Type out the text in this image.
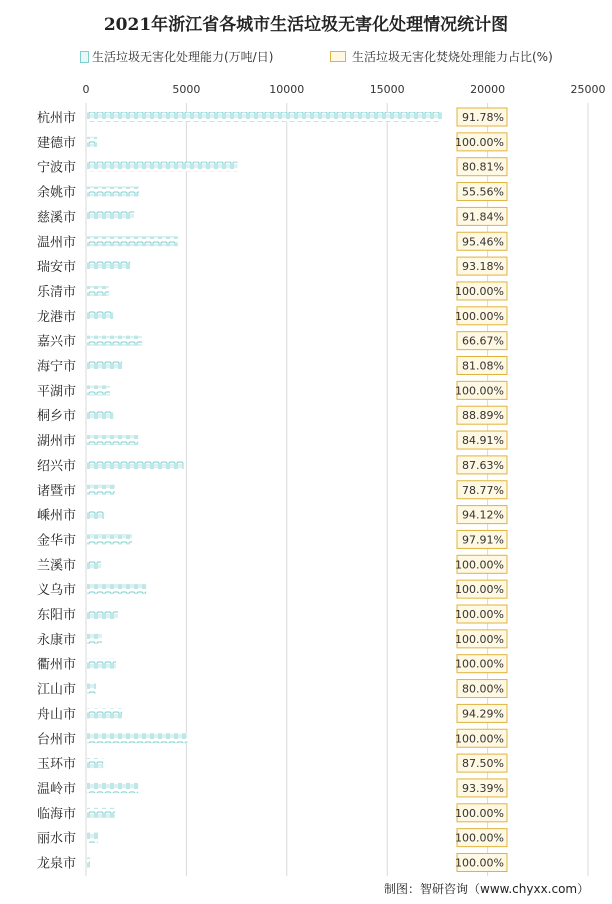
2021年浙江省各城市生活垃圾无害化处理情况统计图
生活垃圾无害化处理能力(万吨/日)	生活垃圾无害化焚烧处理能力占比(%)
0	5000	10000	15000	20000	25000
杭州市
建德市
宁波市
余姚市
慈溪市
温州市
瑞安市
乐清市
龙港市
嘉兴市
海宁市
平湖市
桐乡市
湖州市
绍兴市
诸暨市
嵊州市
金华市
兰溪市
义乌市
东阳市
永康市
衢州市
江山市
舟山市
台州市
玉环市
温岭市
临海市
丽水市
龙泉市
91.78%
100.00%
80.81%
55.56%
91.84%
95.46%
93.18%
100.00%
100.00%
66.67%
81.08%
100.00%
88.89%
84.91%
87.63%
78.77%
94.12%
97.91%
100.00%
100.00%
100.00%
100.00%
100.00%
80.00%
94.29%
100.00%
87.50%
93.39%
100.00%
100.00%
100.00%
制图：智研咨询（www.chyxx.com）
